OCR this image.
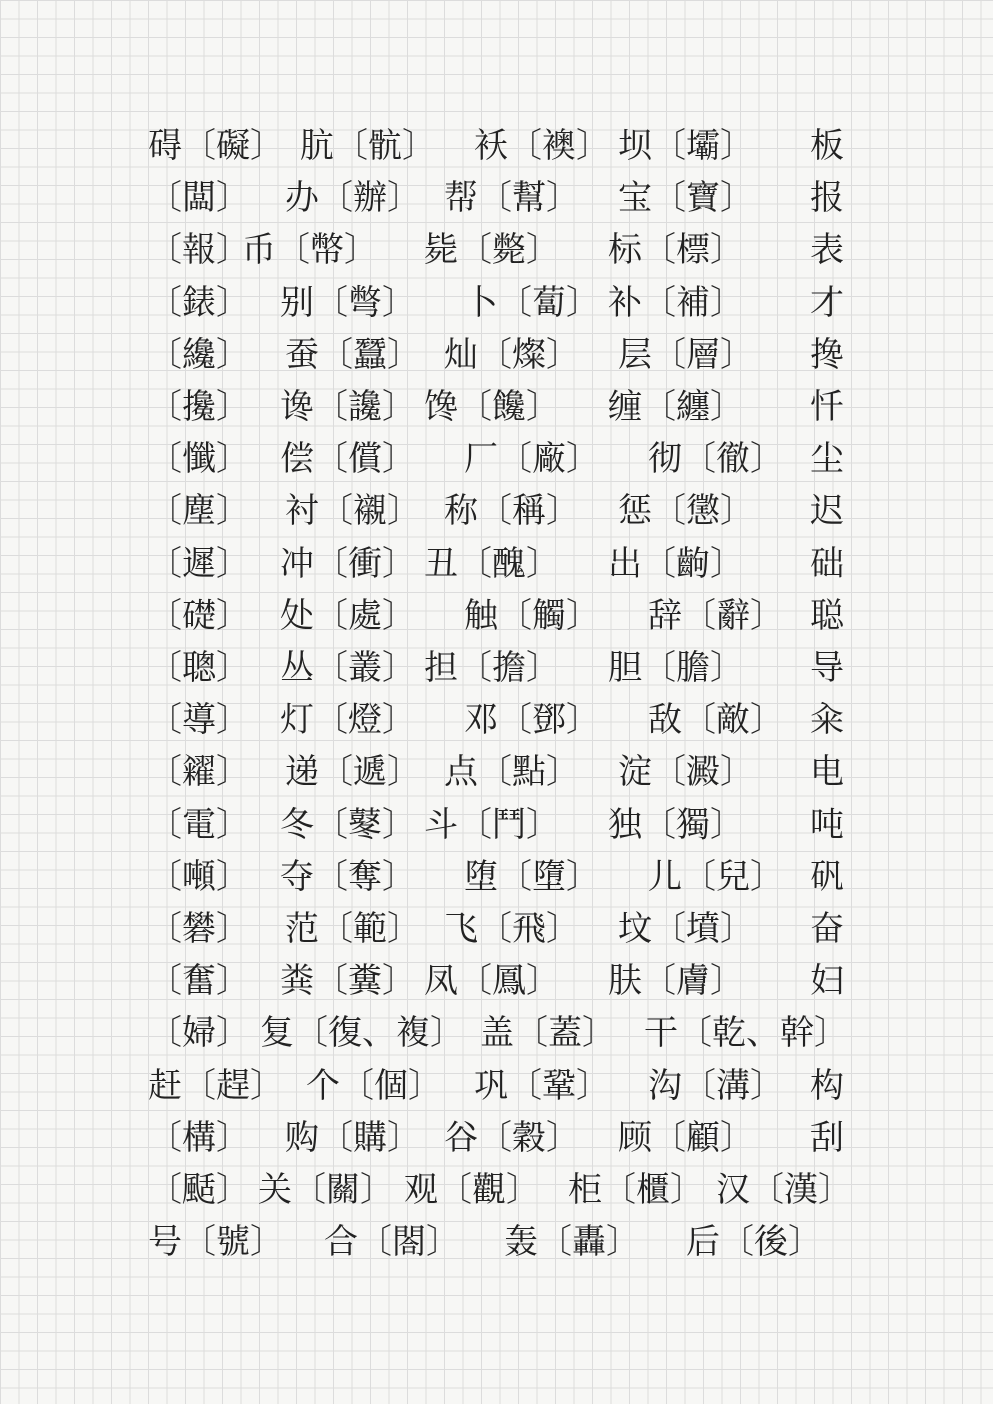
碍〔礙〕 肮〔骯〕 袄〔襖〕 坝〔壩〕 板
〔闆〕 办〔辦〕 帮〔幫〕 宝〔寶〕 报
〔報〕
币〔幣〕 毙〔斃〕 标〔標〕 表
〔錶〕 别〔彆〕 卜〔蔔〕 补〔補〕 才
〔纔〕 蚕〔蠶〕 灿〔燦〕 层〔層〕 搀
〔攙〕 谗〔讒〕 馋〔饞〕 缠〔纏〕 忏
〔懺〕 偿〔償〕 厂〔廠〕 彻〔徹〕 尘
〔塵〕 衬〔襯〕 称〔稱〕 惩〔懲〕 迟
〔遲〕 冲〔衝〕 丑〔醜〕 出〔齣〕 础
〔礎〕 处〔處〕 触〔觸〕 辞〔辭〕 聪
〔聰〕 丛〔叢〕 担〔擔〕 胆〔膽〕 导
〔導〕 灯〔燈〕 邓〔鄧〕 敌〔敵〕 籴
〔糴〕 递〔遞〕 点〔點〕 淀〔澱〕 电
〔電〕 冬〔鼕〕 斗〔鬥〕 独〔獨〕 吨
〔噸〕 夺〔奪〕 堕〔墮〕 儿〔兒〕 矾
〔礬〕 范〔範〕 飞〔飛〕 坟〔墳〕 奋
〔奮〕 粪〔糞〕 凤〔鳳〕 肤〔膚〕 妇
〔婦〕 复〔復、複〕 盖〔蓋〕 干〔乾、幹〕
赶〔趕〕 个〔個〕 巩〔鞏〕 沟〔溝〕 构
〔構〕 购〔購〕 谷〔穀〕 顾〔顧〕 刮
〔颳〕 关〔關〕 观〔觀〕 柜〔櫃〕 汉〔漢〕
号〔號〕 合〔閤〕 轰〔轟〕 后〔後〕
